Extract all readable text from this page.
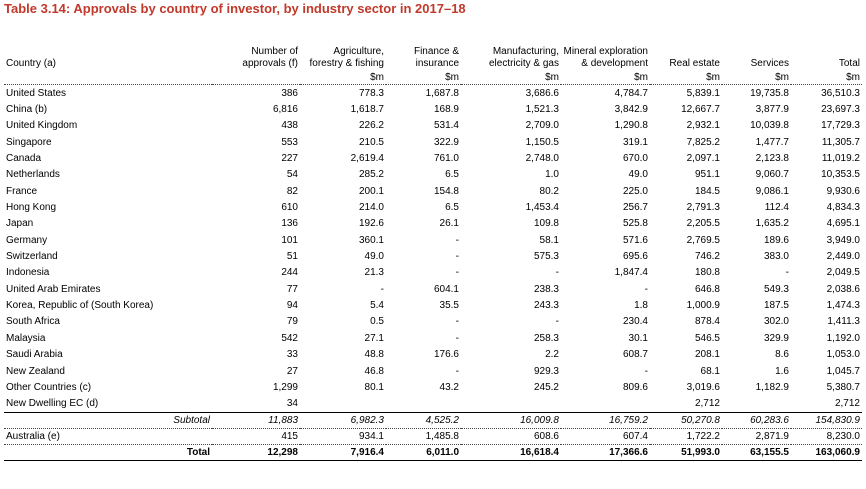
Table 3.14: Approvals by country of investor, by industry sector in 2017–18
Country (a)	Number of approvals (f)	Agriculture, forestry & fishing	Finance & insurance	Manufacturing, electricity & gas	Mineral exploration & development	Real estate	Services	Total
		$m	$m	$m	$m	$m	$m	$m
United States	386	778.3	1,687.8	3,686.6	4,784.7	5,839.1	19,735.8	36,510.3
China (b)	6,816	1,618.7	168.9	1,521.3	3,842.9	12,667.7	3,877.9	23,697.3
United Kingdom	438	226.2	531.4	2,709.0	1,290.8	2,932.1	10,039.8	17,729.3
Singapore	553	210.5	322.9	1,150.5	319.1	7,825.2	1,477.7	11,305.7
Canada	227	2,619.4	761.0	2,748.0	670.0	2,097.1	2,123.8	11,019.2
Netherlands	54	285.2	6.5	1.0	49.0	951.1	9,060.7	10,353.5
France	82	200.1	154.8	80.2	225.0	184.5	9,086.1	9,930.6
Hong Kong	610	214.0	6.5	1,453.4	256.7	2,791.3	112.4	4,834.3
Japan	136	192.6	26.1	109.8	525.8	2,205.5	1,635.2	4,695.1
Germany	101	360.1	-	58.1	571.6	2,769.5	189.6	3,949.0
Switzerland	51	49.0	-	575.3	695.6	746.2	383.0	2,449.0
Indonesia	244	21.3	-	-	1,847.4	180.8	-	2,049.5
United Arab Emirates	77	-	604.1	238.3	-	646.8	549.3	2,038.6
Korea, Republic of (South Korea)	94	5.4	35.5	243.3	1.8	1,000.9	187.5	1,474.3
South Africa	79	0.5	-	-	230.4	878.4	302.0	1,411.3
Malaysia	542	27.1	-	258.3	30.1	546.5	329.9	1,192.0
Saudi Arabia	33	48.8	176.6	2.2	608.7	208.1	8.6	1,053.0
New Zealand	27	46.8	-	929.3	-	68.1	1.6	1,045.7
Other Countries (c)	1,299	80.1	43.2	245.2	809.6	3,019.6	1,182.9	5,380.7
New Dwelling EC (d)	34					2,712		2,712
Subtotal	11,883	6,982.3	4,525.2	16,009.8	16,759.2	50,270.8	60,283.6	154,830.9
Australia (e)	415	934.1	1,485.8	608.6	607.4	1,722.2	2,871.9	8,230.0
Total	12,298	7,916.4	6,011.0	16,618.4	17,366.6	51,993.0	63,155.5	163,060.9
